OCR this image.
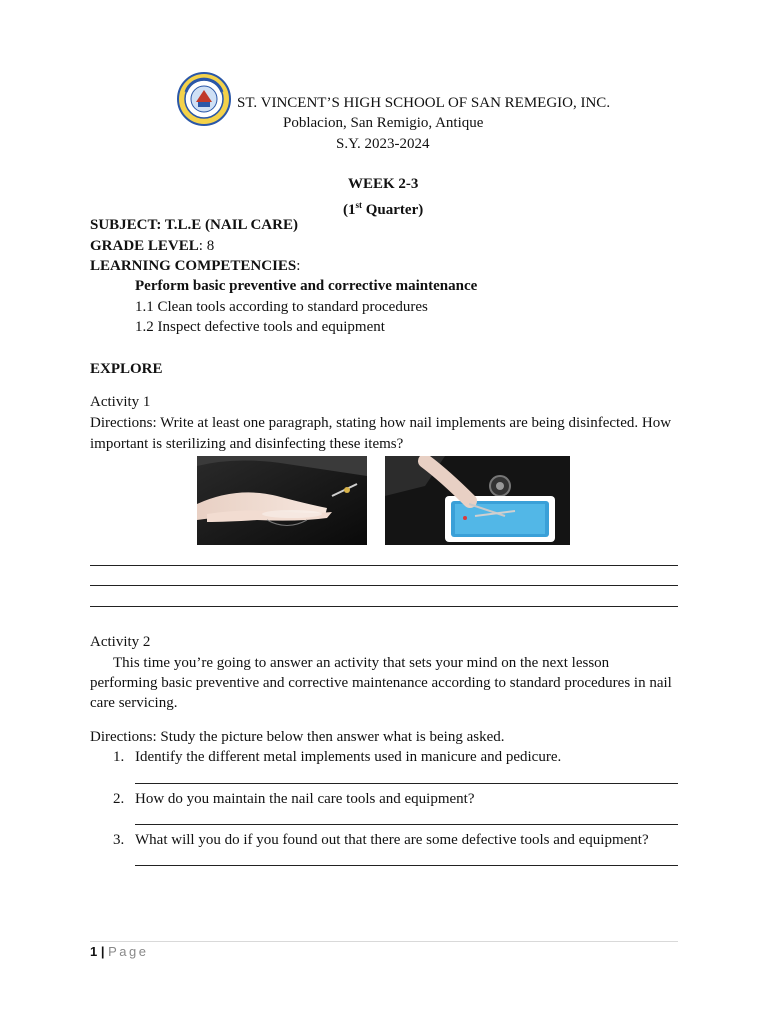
ST. VINCENT’S HIGH SCHOOL OF SAN REMEGIO, INC.
Poblacion, San Remigio, Antique
S.Y. 2023-2024
WEEK 2-3
(1st Quarter)
SUBJECT: T.L.E (NAIL CARE)
GRADE LEVEL: 8
LEARNING COMPETENCIES:
Perform basic preventive and corrective maintenance
1.1 Clean tools according to standard procedures
1.2 Inspect defective tools and equipment
EXPLORE
Activity 1
Directions: Write at least one paragraph, stating how nail implements are being disinfected. How
important is sterilizing and disinfecting these items?
Activity 2
This time you’re going to answer an activity that sets your mind on the next lesson
performing basic preventive and corrective maintenance according to standard procedures in nail
care servicing.
Directions: Study the picture below then answer what is being asked.
1. Identify the different metal implements used in manicure and pedicure.
2. How do you maintain the nail care tools and equipment?
3. What will you do if you found out that there are some defective tools and equipment?
1 | Page
